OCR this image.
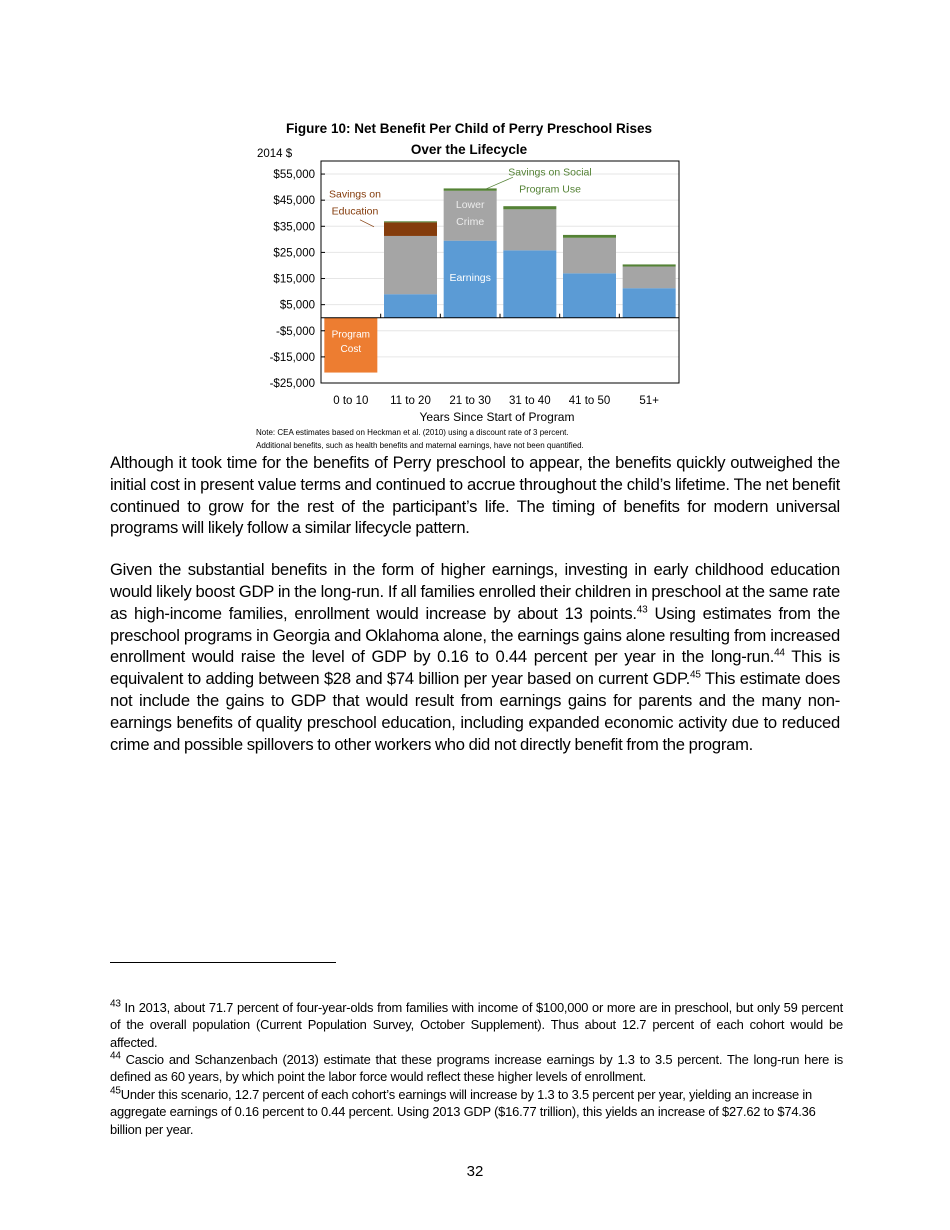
Figure 10: Net Benefit Per Child of Perry Preschool Rises
Over the Lifecycle
2014 $
$55,000
$45,000
$35,000
$25,000
$15,000
$5,000
-$5,000
-$15,000
-$25,000
0 to 10 11 to 20 21 to 30 31 to 40 41 to 50	51+
Program
Cost
Earnings
Lower
Crime
Savings on
Education
Savings on Social
Program Use
Years Since Start of Program
Note: CEA estimates based on Heckman et al. (2010) using a discount rate of 3 percent.
Additional benefits, such as health benefits and maternal earnings, have not been quantified.

Although it took time for the benefits of Perry preschool to appear, the benefits quickly outweighed the initial cost in present value terms and continued to accrue throughout the child’s lifetime. The net benefit continued to grow for the rest of the participant’s life. The timing of benefits for modern universal programs will likely follow a similar lifecycle pattern.

Given the substantial benefits in the form of higher earnings, investing in early childhood education would likely boost GDP in the long-run. If all families enrolled their children in preschool at the same rate as high-income families, enrollment would increase by about 13 points.$^{43}$ Using estimates from the preschool programs in Georgia and Oklahoma alone, the earnings gains alone resulting from increased enrollment would raise the level of GDP by 0.16 to 0.44 percent per year in the long-run.$^{44}$ This is equivalent to adding between $28 and $74 billion per year based on current GDP.$^{45}$ This estimate does not include the gains to GDP that would result from earnings gains for parents and the many non-earnings benefits of quality preschool education, including expanded economic activity due to reduced crime and possible spillovers to other workers who did not directly benefit from the program.

$^{43}$ In 2013, about 71.7 percent of four-year-olds from families with income of $100,000 or more are in preschool, but only 59 percent of the overall population (Current Population Survey, October Supplement). Thus about 12.7 percent of each cohort would be affected.

$^{44}$ Cascio and Schanzenbach (2013) estimate that these programs increase earnings by 1.3 to 3.5 percent. The long-run here is defined as 60 years, by which point the labor force would reflect these higher levels of enrollment.

$^{45}$Under this scenario, 12.7 percent of each cohort’s earnings will increase by 1.3 to 3.5 percent per year, yielding an increase in aggregate earnings of 0.16 percent to 0.44 percent. Using 2013 GDP ($16.77 trillion), this yields an increase of $27.62 to $74.36 billion per year.

32
